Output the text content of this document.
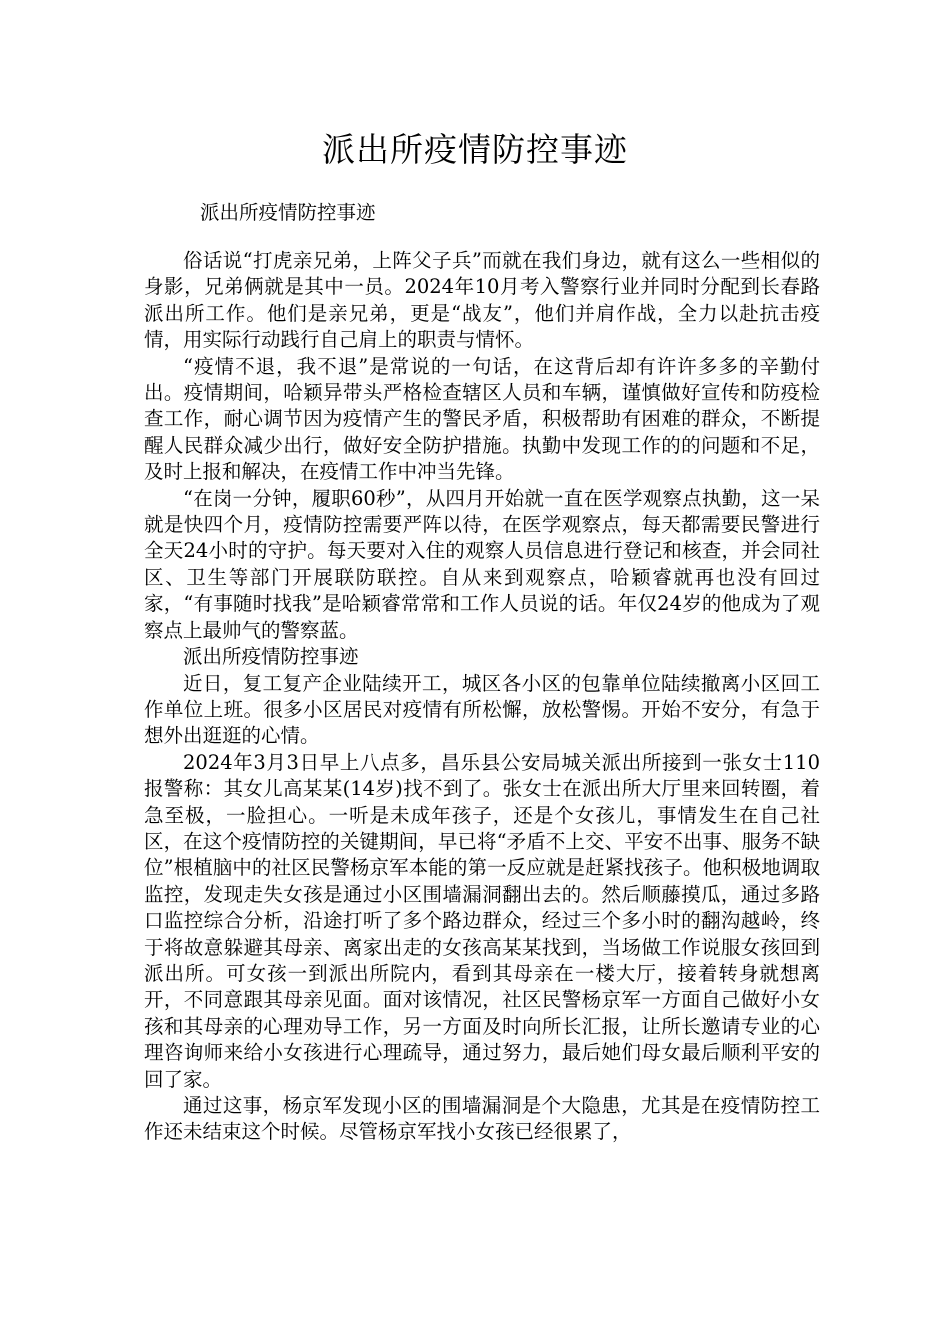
派出所疫情防控事迹
派出所疫情防控事迹

俗话说“打虎亲兄弟，上阵父子兵”而就在我们身边，就有这么一些相似的身影，兄弟俩就是其中一员。2024年10月考入警察行业并同时分配到长春路派出所工作。他们是亲兄弟，更是“战友”，他们并肩作战，全力以赴抗击疫情，用实际行动践行自己肩上的职责与情怀。

“疫情不退，我不退”是常说的一句话，在这背后却有许许多多的辛勤付出。疫情期间，哈颖异带头严格检查辖区人员和车辆，谨慎做好宣传和防疫检查工作，耐心调节因为疫情产生的警民矛盾，积极帮助有困难的群众，不断提醒人民群众减少出行，做好安全防护措施。执勤中发现工作的的问题和不足，及时上报和解决，在疫情工作中冲当先锋。

“在岗一分钟，履职60秒”，从四月开始就一直在医学观察点执勤，这一呆就是快四个月，疫情防控需要严阵以待，在医学观察点，每天都需要民警进行全天24小时的守护。每天要对入住的观察人员信息进行登记和核查，并会同社区、卫生等部门开展联防联控。自从来到观察点，哈颖睿就再也没有回过家，“有事随时找我”是哈颖睿常常和工作人员说的话。年仅24岁的他成为了观察点上最帅气的警察蓝。

派出所疫情防控事迹

近日，复工复产企业陆续开工，城区各小区的包靠单位陆续撤离小区回工作单位上班。很多小区居民对疫情有所松懈，放松警惕。开始不安分，有急于想外出逛逛的心情。

2024年3月3日早上八点多，昌乐县公安局城关派出所接到一张女士110报警称：其女儿高某某(14岁)找不到了。张女士在派出所大厅里来回转圈，着急至极，一脸担心。一听是未成年孩子，还是个女孩儿，事情发生在自己社区，在这个疫情防控的关键期间，早已将“矛盾不上交、平安不出事、服务不缺位”根植脑中的社区民警杨京军本能的第一反应就是赶紧找孩子。他积极地调取监控，发现走失女孩是通过小区围墙漏洞翻出去的。然后顺藤摸瓜，通过多路口监控综合分析，沿途打听了多个路边群众，经过三个多小时的翻沟越岭，终于将故意躲避其母亲、离家出走的女孩高某某找到，当场做工作说服女孩回到派出所。可女孩一到派出所院内，看到其母亲在一楼大厅，接着转身就想离开，不同意跟其母亲见面。面对该情况，社区民警杨京军一方面自己做好小女孩和其母亲的心理劝导工作，另一方面及时向所长汇报，让所长邀请专业的心理咨询师来给小女孩进行心理疏导，通过努力，最后她们母女最后顺利平安的回了家。

通过这事，杨京军发现小区的围墙漏洞是个大隐患，尤其是在疫情防控工作还未结束这个时候。尽管杨京军找小女孩已经很累了，
